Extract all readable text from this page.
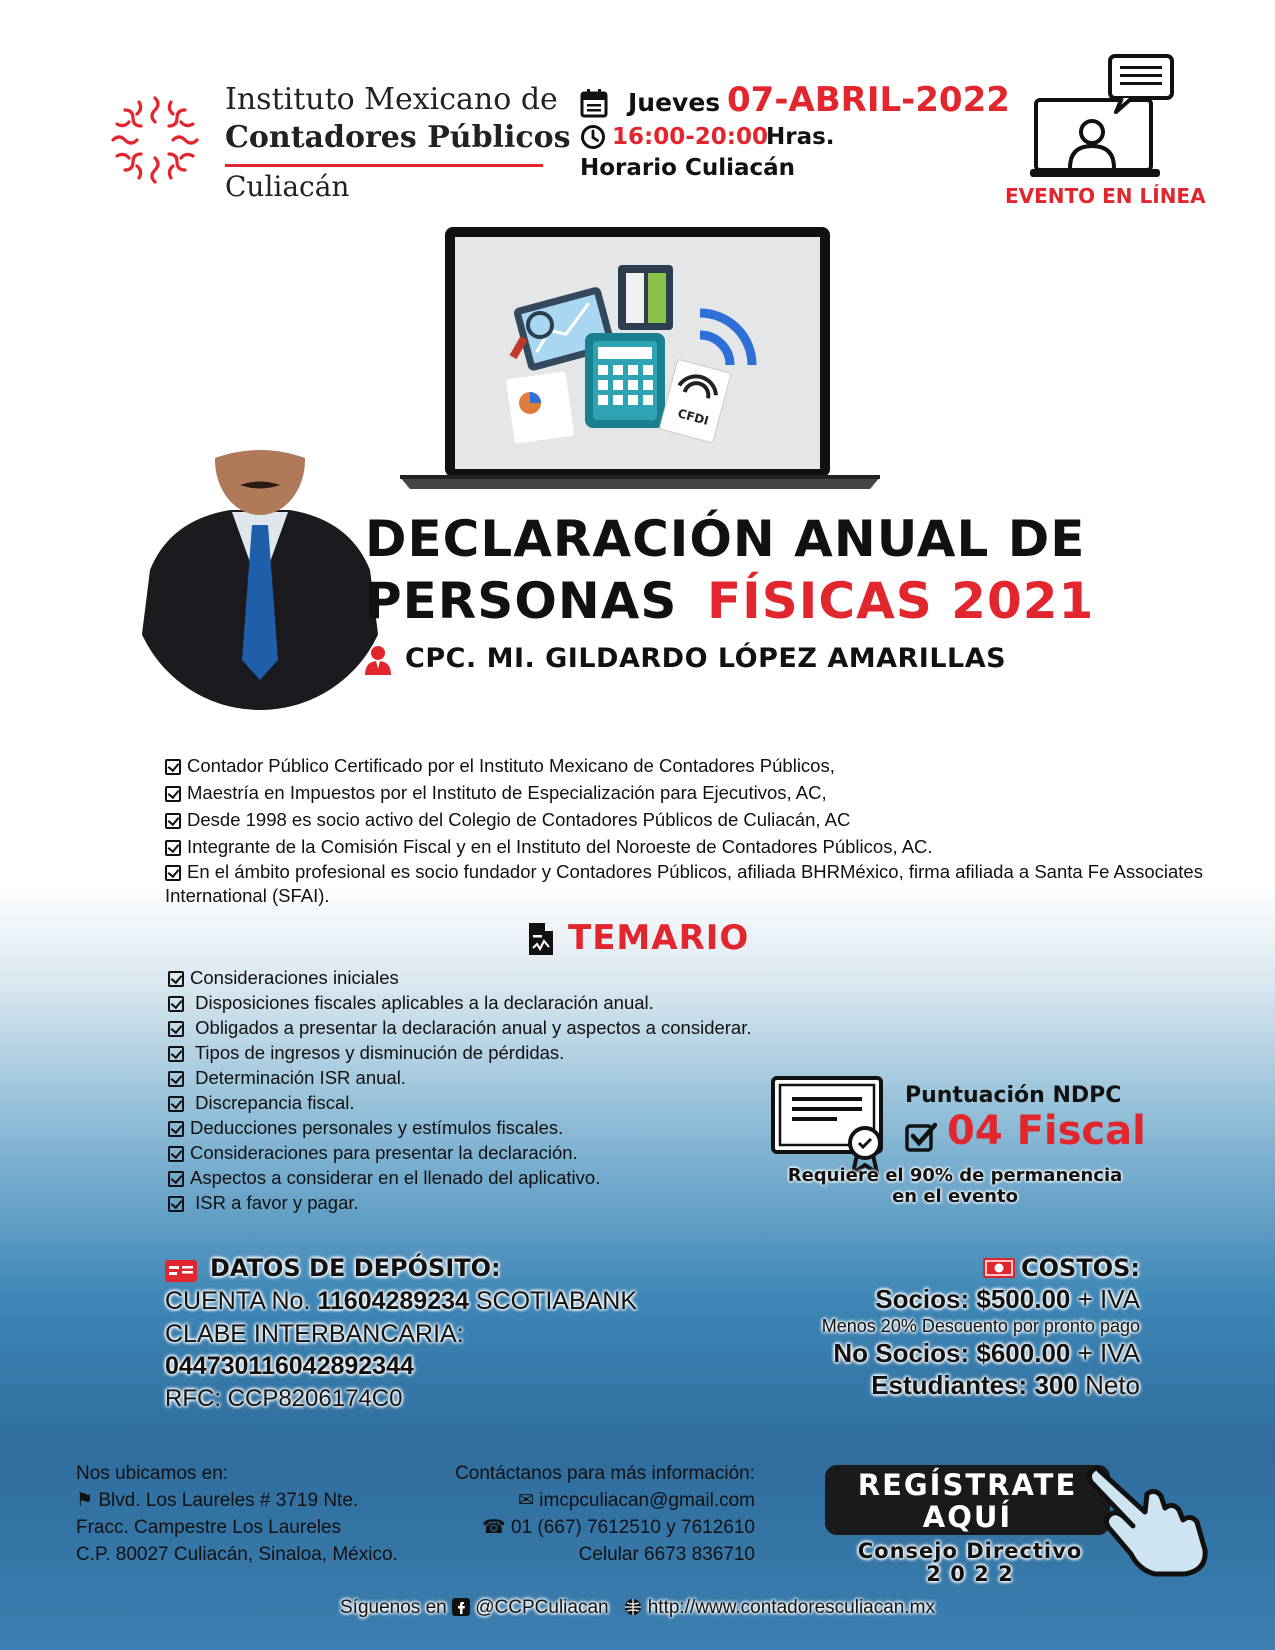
Instituto Mexicano de
Contadores Públicos
Culiacán
Jueves 07-ABRIL-2022
16:00-20:00
Hras.
Horario Culiacán
EVENTO EN LÍNEA
CFDI
DECLARACIÓN ANUAL DE
PERSONAS FÍSICAS 2021
CPC. MI. GILDARDO LÓPEZ AMARILLAS
Contador Público Certificado por el Instituto Mexicano de Contadores Públicos,
Maestría en Impuestos por el Instituto de Especialización para Ejecutivos, AC,
Desde 1998 es socio activo del Colegio de Contadores Públicos de Culiacán, AC
Integrante de la Comisión Fiscal y en el Instituto del Noroeste de Contadores Públicos, AC.
En el ámbito profesional es socio fundador y Contadores Públicos, afiliada BHRMéxico, firma afiliada a Santa Fe Associates International (SFAI).
TEMARIO
Consideraciones iniciales
Disposiciones fiscales aplicables a la declaración anual.
Obligados a presentar la declaración anual y aspectos a considerar.
Tipos de ingresos y disminución de pérdidas.
Determinación ISR anual.
Discrepancia fiscal.
Deducciones personales y estímulos fiscales.
Consideraciones para presentar la declaración.
Aspectos a considerar en el llenado del aplicativo.
ISR a favor y pagar.
Puntuación NDPC
04 Fiscal
Requiere el 90% de permanencia
en el evento
DATOS DE DEPÓSITO:
CUENTA No. 11604289234 SCOTIABANK
CLABE INTERBANCARIA:
044730116042892344
RFC: CCP8206174C0
COSTOS:
Socios: $500.00 + IVA
Menos 20% Descuento por pronto pago
No Socios: $600.00 + IVA
Estudiantes: 300 Neto
Nos ubicamos en:
⚑ Blvd. Los Laureles # 3719 Nte.
Fracc. Campestre Los Laureles
C.P. 80027 Culiacán, Sinaloa, México.
Contáctanos para más información:
✉ imcpculiacan@gmail.com
☎ 01 (667) 7612510 y 7612610
Celular 6673 836710
REGÍSTRATE
AQUÍ
Consejo Directivo
2 0 2 2
Síguenos en @CCPCuliacan http://www.contadoresculiacan.mx
